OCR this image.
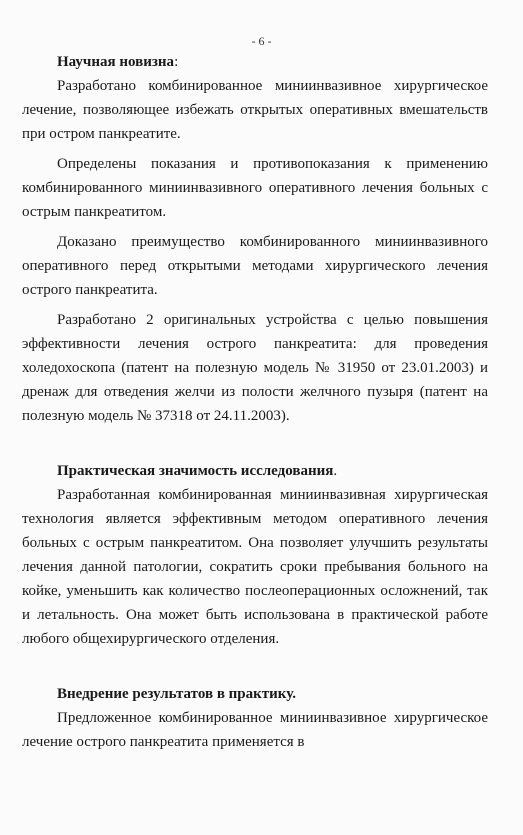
- 6 -
Научная новизна:

Разработано комбинированное миниинвазивное хирургическое лечение, позволяющее избежать открытых оперативных вмешательств при остром панкреатите.

Определены показания и противопоказания к применению комбинированного миниинвазивного оперативного лечения больных с острым панкреатитом.

Доказано преимущество комбинированного миниинвазивного оперативного перед открытыми методами хирургического лечения острого панкреатита.

Разработано 2 оригинальных устройства с целью повышения эффективности лечения острого панкреатита: для проведения холедохоскопа (патент на полезную модель № 31950 от 23.01.2003) и дренаж для отведения желчи из полости желчного пузыря (патент на полезную модель № 37318 от 24.11.2003).

Практическая значимость исследования.

Разработанная комбинированная миниинвазивная хирургическая технология является эффективным методом оперативного лечения больных с острым панкреатитом. Она позволяет улучшить результаты лечения данной патологии, сократить сроки пребывания больного на койке, уменьшить как количество послеоперационных осложнений, так и летальность. Она может быть использована в практической работе любого общехирургического отделения.

Внедрение результатов в практику.

Предложенное комбинированное миниинвазивное хирургическое лечение острого панкреатита применяется в
